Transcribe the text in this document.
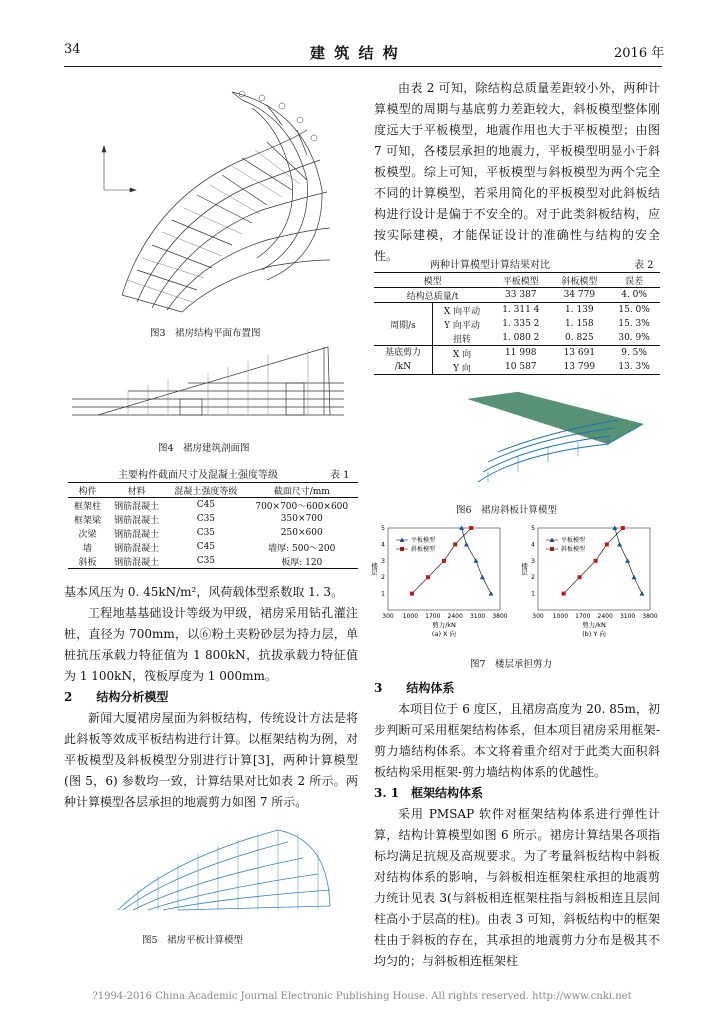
34	建 筑 结 构	2016 年
图3　裙房结构平面布置图
图4　裙房建筑剖面图
主要构件截面尺寸及混凝土强度等级	表 1
构件	材料	混凝土强度等级	截面尺寸/mm
框架柱	钢筋混凝土	C45	700×700～600×600
框架梁	钢筋混凝土	C35	350×700
次梁	钢筋混凝土	C35	250×600
墙	钢筋混凝土	C45	墙厚: 500～200
斜板	钢筋混凝土	C35	板厚: 120

基本风压为 0. 45kN/m²，风荷载体型系数取 1. 3。

工程地基基础设计等级为甲级，裙房采用钻孔灌注桩，直径为 700mm，以⑥粉土夹粉砂层为持力层，单桩抗压承载力特征值为 1 800kN，抗拔承载力特征值为 1 100kN，筏板厚度为 1 000mm。

2　　结构分析模型

新闻大厦裙房屋面为斜板结构，传统设计方法是将此斜板等效成平板结构进行计算。以框架结构为例，对平板模型及斜板模型分别进行计算[3]，两种计算模型(图 5，6) 参数均一致，计算结果对比如表 2 所示。两种计算模型各层承担的地震剪力如图 7 所示。

图5　裙房平板计算模型

由表 2 可知，除结构总质量差距较小外，两种计算模型的周期与基底剪力差距较大，斜板模型整体刚度远大于平板模型，地震作用也大于平板模型；由图 7 可知，各楼层承担的地震力，平板模型明显小于斜板模型。综上可知，平板模型与斜板模型为两个完全不同的计算模型，若采用简化的平板模型对此斜板结构进行设计是偏于不安全的。对于此类斜板结构，应按实际建模，才能保证设计的准确性与结构的安全性。

两种计算模型计算结果对比	表 2
模型		平板模型	斜板模型	误差
结构总质量/t		33 387	34 779	4. 0%
周期/s	X 向平动	1. 311 4	1. 139	15. 0%
	Y 向平动	1. 335 2	1. 158	15. 3%
	扭转	1. 080 2	0. 825	30. 9%
基底剪力
/kN	X 向	11 998	13 691	9. 5%
	Y 向	10 587	13 799	13. 3%
图6　裙房斜板计算模型
300 1000 1700 2400 3100 3800
1
2
3
4
5
楼层
剪力/kN
(a) X 向
平板模型
斜板模型
300 1000 1700 2400 3100 3800
1
2
3
4
5
楼层
剪力/kN
(b) Y 向
平板模型
斜板模型
图7　楼层承担剪力

3　　结构体系

本项目位于 6 度区，且裙房高度为 20. 85m，初步判断可采用框架结构体系，但本项目裙房采用框架-剪力墙结构体系。本文将着重介绍对于此类大面积斜板结构采用框架-剪力墙结构体系的优越性。

3. 1　框架结构体系

采用 PMSAP 软件对框架结构体系进行弹性计算，结构计算模型如图 6 所示。裙房计算结果各项指标均满足抗规及高规要求。为了考量斜板结构中斜板对结构体系的影响，与斜板相连框架柱承担的地震剪力统计见表 3(与斜板相连框架柱指与斜板相连且层间柱高小于层高的柱)。由表 3 可知，斜板结构中的框架柱由于斜板的存在，其承担的地震剪力分布是极其不均匀的；与斜板相连框架柱

?1994-2016 China Academic Journal Electronic Publishing House. All rights reserved. http://www.cnki.net
